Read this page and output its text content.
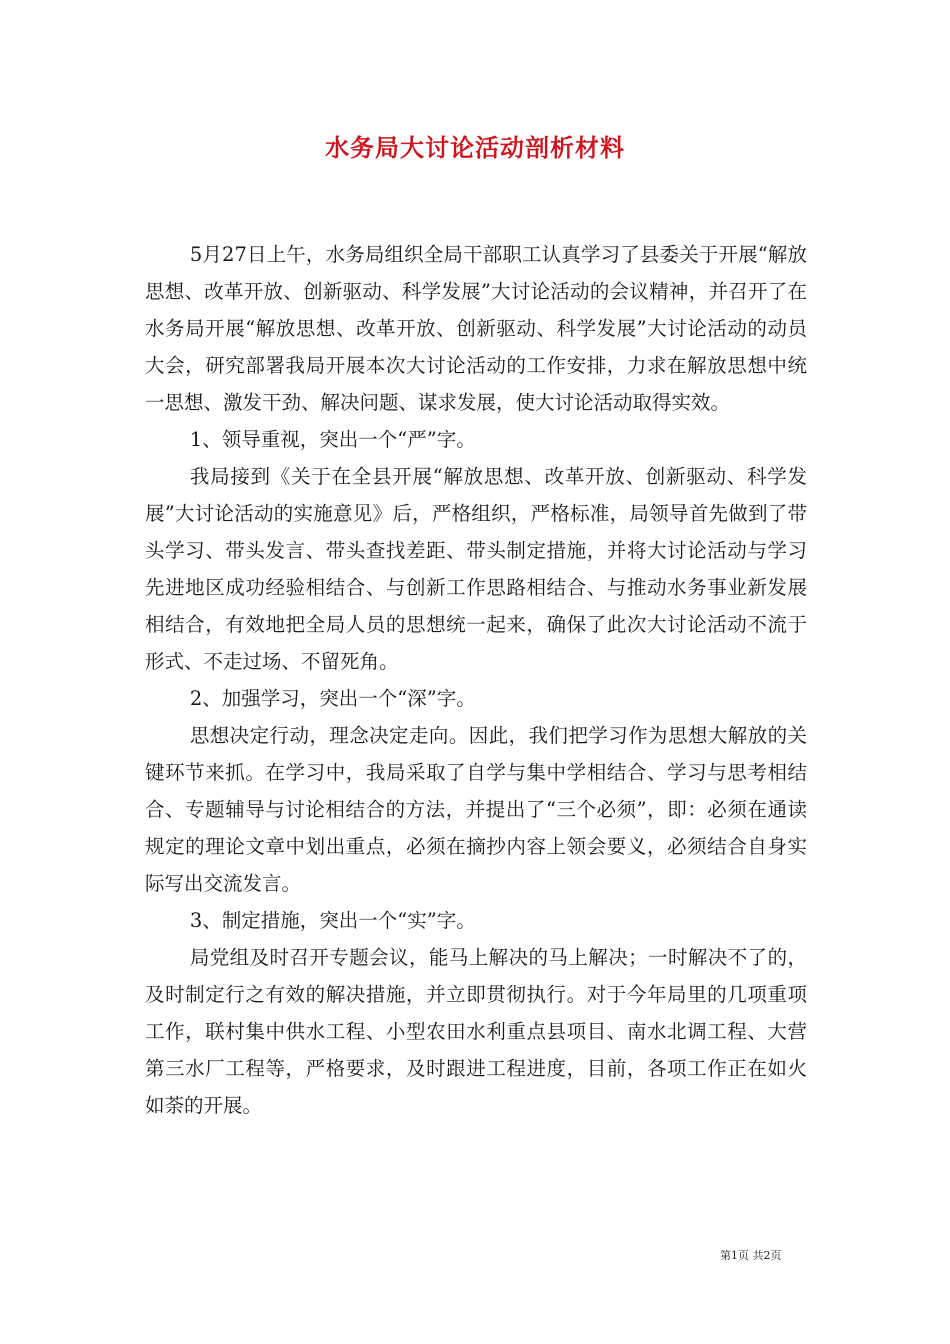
水务局大讨论活动剖析材料

5月27日上午，水务局组织全局干部职工认真学习了县委关于开展“解放思想、改革开放、创新驱动、科学发展”大讨论活动的会议精神，并召开了在水务局开展“解放思想、改革开放、创新驱动、科学发展”大讨论活动的动员大会，研究部署我局开展本次大讨论活动的工作安排，力求在解放思想中统一思想、激发干劲、解决问题、谋求发展，使大讨论活动取得实效。

1、领导重视，突出一个“严”字。

我局接到《关于在全县开展“解放思想、改革开放、创新驱动、科学发展”大讨论活动的实施意见》后，严格组织，严格标准，局领导首先做到了带头学习、带头发言、带头查找差距、带头制定措施，并将大讨论活动与学习先进地区成功经验相结合、与创新工作思路相结合、与推动水务事业新发展相结合，有效地把全局人员的思想统一起来，确保了此次大讨论活动不流于形式、不走过场、不留死角。

2、加强学习，突出一个“深”字。

思想决定行动，理念决定走向。因此，我们把学习作为思想大解放的关键环节来抓。在学习中，我局采取了自学与集中学相结合、学习与思考相结合、专题辅导与讨论相结合的方法，并提出了“三个必须”，即：必须在通读规定的理论文章中划出重点，必须在摘抄内容上领会要义，必须结合自身实际写出交流发言。

3、制定措施，突出一个“实”字。

局党组及时召开专题会议，能马上解决的马上解决；一时解决不了的，及时制定行之有效的解决措施，并立即贯彻执行。对于今年局里的几项重项工作，联村集中供水工程、小型农田水利重点县项目、南水北调工程、大营第三水厂工程等，严格要求，及时跟进工程进度，目前，各项工作正在如火如荼的开展。

第1页 共2页
